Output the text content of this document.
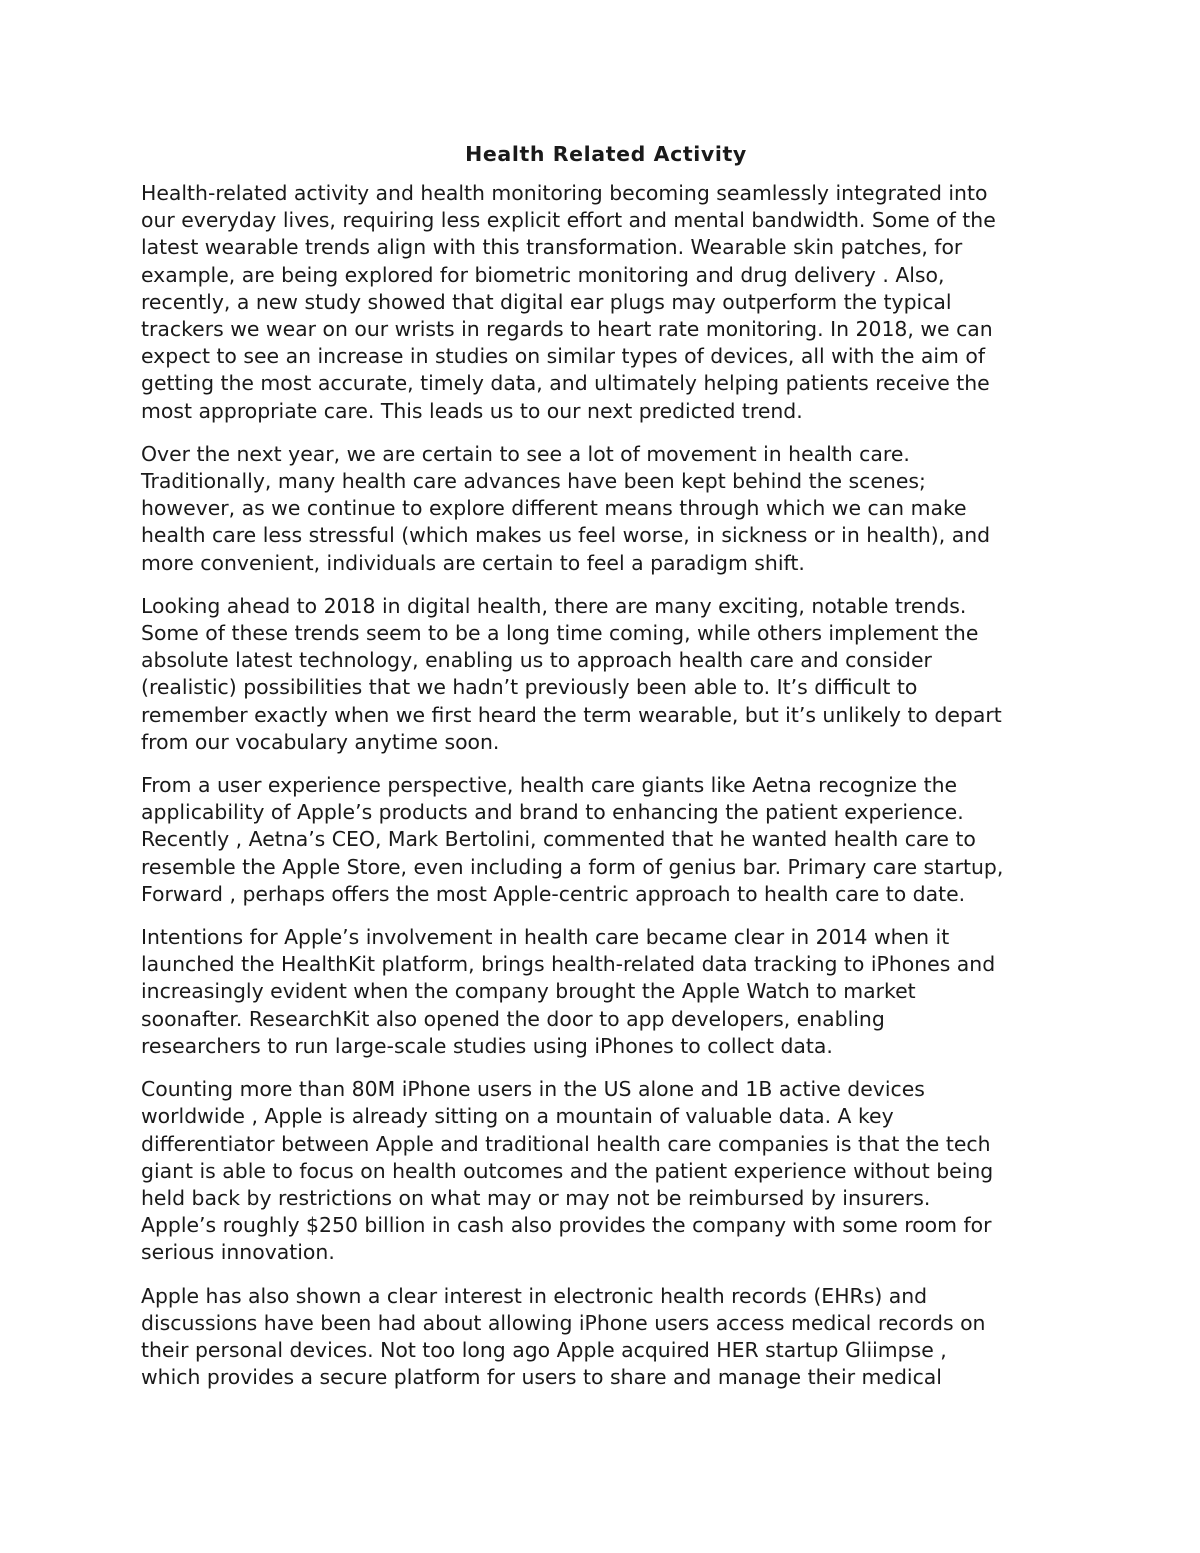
Health Related Activity
Health-related activity and health monitoring becoming seamlessly integrated into
our everyday lives, requiring less explicit effort and mental bandwidth. Some of the
latest wearable trends align with this transformation. Wearable skin patches, for
example, are being explored for biometric monitoring and drug delivery . Also,
recently, a new study showed that digital ear plugs may outperform the typical
trackers we wear on our wrists in regards to heart rate monitoring. In 2018, we can
expect to see an increase in studies on similar types of devices, all with the aim of
getting the most accurate, timely data, and ultimately helping patients receive the
most appropriate care. This leads us to our next predicted trend.
Over the next year, we are certain to see a lot of movement in health care.
Traditionally, many health care advances have been kept behind the scenes;
however, as we continue to explore different means through which we can make
health care less stressful (which makes us feel worse, in sickness or in health), and
more convenient, individuals are certain to feel a paradigm shift.
Looking ahead to 2018 in digital health, there are many exciting, notable trends.
Some of these trends seem to be a long time coming, while others implement the
absolute latest technology, enabling us to approach health care and consider
(realistic) possibilities that we hadn’t previously been able to. It’s difficult to
remember exactly when we first heard the term wearable, but it’s unlikely to depart
from our vocabulary anytime soon.
From a user experience perspective, health care giants like Aetna recognize the
applicability of Apple’s products and brand to enhancing the patient experience.
Recently , Aetna’s CEO, Mark Bertolini, commented that he wanted health care to
resemble the Apple Store, even including a form of genius bar. Primary care startup,
Forward , perhaps offers the most Apple-centric approach to health care to date.
Intentions for Apple’s involvement in health care became clear in 2014 when it
launched the HealthKit platform, brings health-related data tracking to iPhones and
increasingly evident when the company brought the Apple Watch to market
soonafter. ResearchKit also opened the door to app developers, enabling
researchers to run large-scale studies using iPhones to collect data.
Counting more than 80M iPhone users in the US alone and 1B active devices
worldwide , Apple is already sitting on a mountain of valuable data. A key
differentiator between Apple and traditional health care companies is that the tech
giant is able to focus on health outcomes and the patient experience without being
held back by restrictions on what may or may not be reimbursed by insurers.
Apple’s roughly $250 billion in cash also provides the company with some room for
serious innovation.
Apple has also shown a clear interest in electronic health records (EHRs) and
discussions have been had about allowing iPhone users access medical records on
their personal devices. Not too long ago Apple acquired HER startup Gliimpse ,
which provides a secure platform for users to share and manage their medical
